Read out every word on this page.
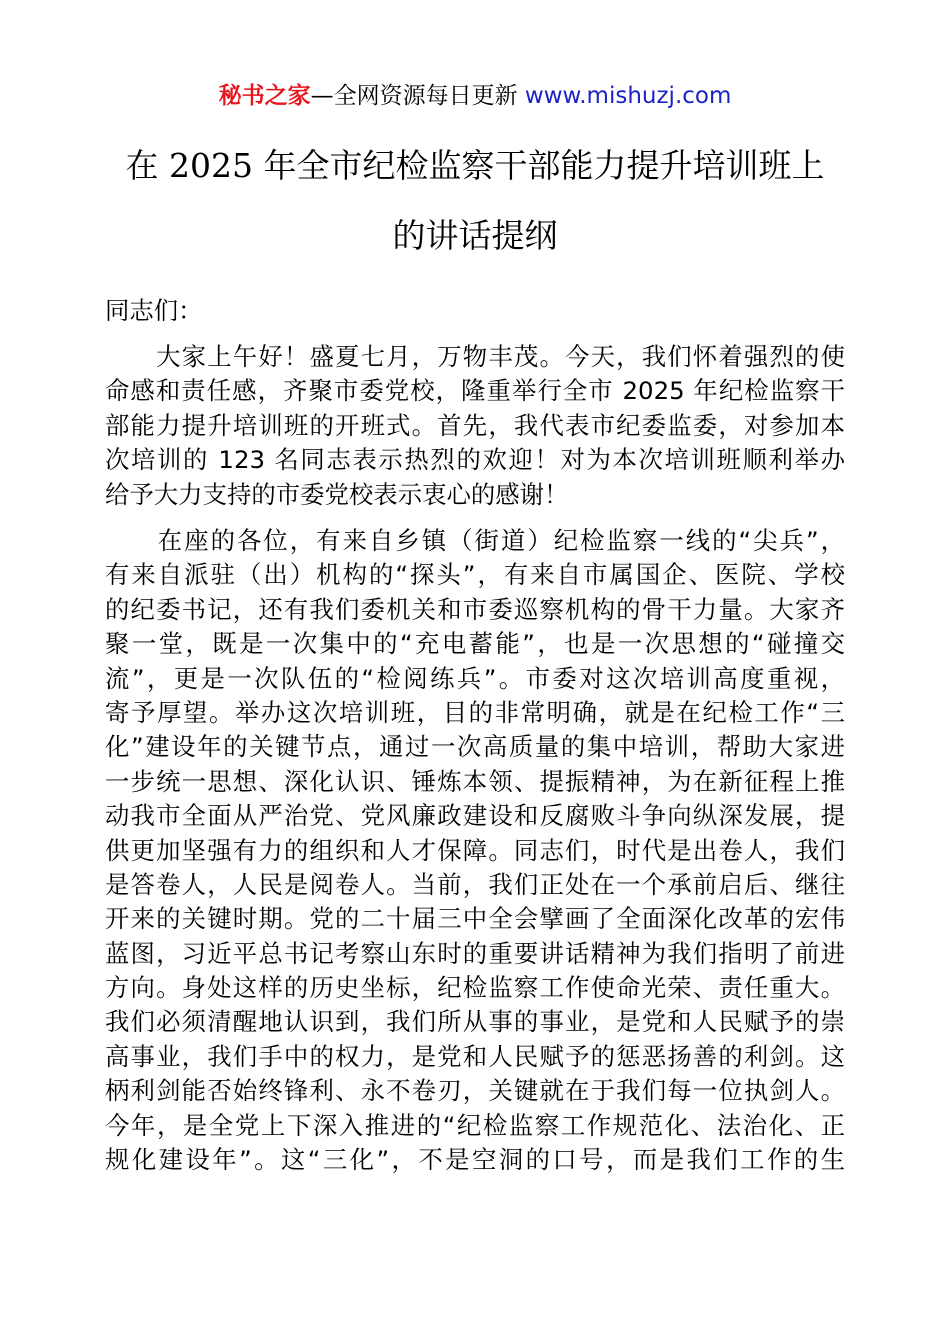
秘书之家—全网资源每日更新 www.mishuzj.com
在 2025 年全市纪检监察干部能力提升培训班上
的讲话提纲
同志们：
　　大家上午好！盛夏七月，万物丰茂。今天，我们怀着强烈的使
命感和责任感，齐聚市委党校，隆重举行全市 2025 年纪检监察干
部能力提升培训班的开班式。首先，我代表市纪委监委，对参加本
次培训的 123 名同志表示热烈的欢迎！对为本次培训班顺利举办
给予大力支持的市委党校表示衷心的感谢！
　　在座的各位，有来自乡镇（街道）纪检监察一线的“尖兵”，
有来自派驻（出）机构的“探头”，有来自市属国企、医院、学校
的纪委书记，还有我们委机关和市委巡察机构的骨干力量。大家齐
聚一堂，既是一次集中的“充电蓄能”，也是一次思想的“碰撞交
流”，更是一次队伍的“检阅练兵”。市委对这次培训高度重视，
寄予厚望。举办这次培训班，目的非常明确，就是在纪检工作“三
化”建设年的关键节点，通过一次高质量的集中培训，帮助大家进
一步统一思想、深化认识、锤炼本领、提振精神，为在新征程上推
动我市全面从严治党、党风廉政建设和反腐败斗争向纵深发展，提
供更加坚强有力的组织和人才保障。同志们，时代是出卷人，我们
是答卷人，人民是阅卷人。当前，我们正处在一个承前启后、继往
开来的关键时期。党的二十届三中全会擘画了全面深化改革的宏伟
蓝图，习近平总书记考察山东时的重要讲话精神为我们指明了前进
方向。身处这样的历史坐标，纪检监察工作使命光荣、责任重大。
我们必须清醒地认识到，我们所从事的事业，是党和人民赋予的崇
高事业，我们手中的权力，是党和人民赋予的惩恶扬善的利剑。这
柄利剑能否始终锋利、永不卷刃，关键就在于我们每一位执剑人。
今年，是全党上下深入推进的“纪检监察工作规范化、法治化、正
规化建设年”。这“三化”，不是空洞的口号，而是我们工作的生
